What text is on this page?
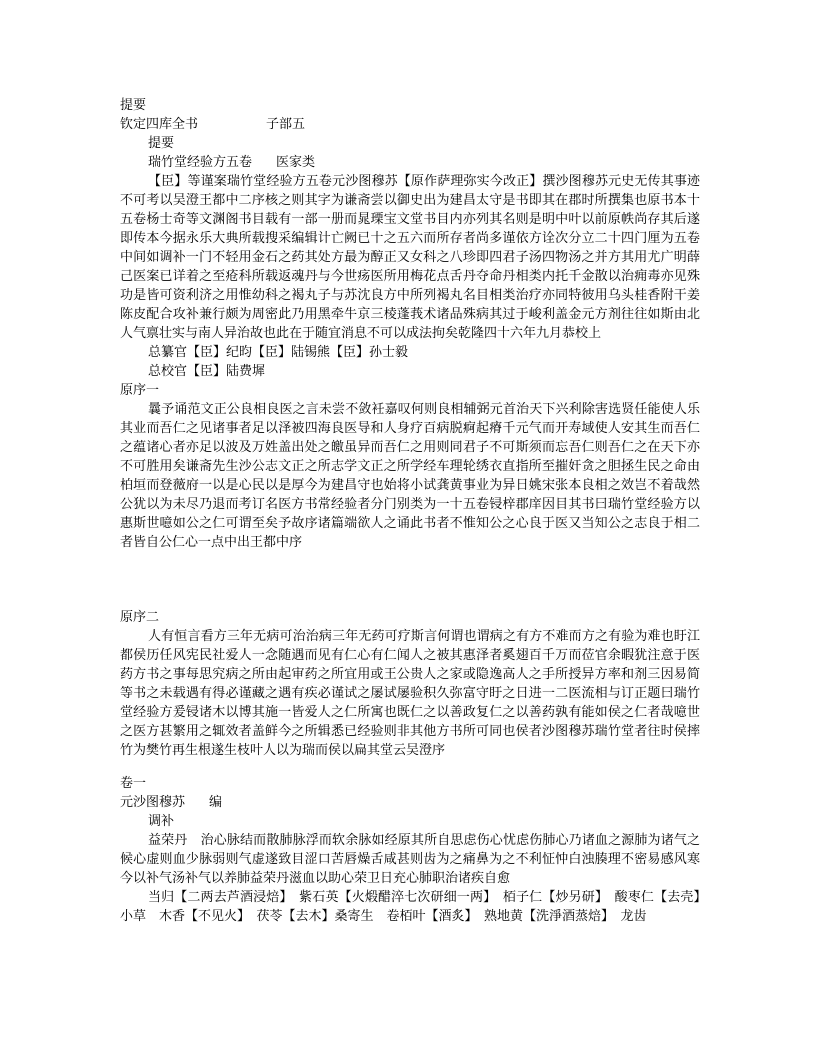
提要
钦定四库全书	子部五
提要
瑞竹堂经验方五卷 医家类
【臣】等谨案瑞竹堂经验方五卷元沙图穆苏【原作萨理弥实今改正】撰沙图穆苏元史无传其事迹不可考以吴澄王都中二序核之则其字为谦斋尝以御史出为建昌太守是书即其在郡时所撰集也原书本十五卷杨士奇等文渊阁书目载有一部一册而晁瑮宝文堂书目内亦列其名则是明中叶以前原帙尚存其后遂即传本今据永乐大典所载搜采编辑计亡阙已十之五六而所存者尚多谨依方诠次分立二十四门厘为五卷中间如调补一门不轻用金石之药其处方最为醇正又女科之八珍即四君子汤四物汤之并方其用尤广明薛己医案已详着之至疮科所载返魂丹与今世疡医所用梅花点舌丹夺命丹相类内托千金散以治痈毒亦见殊功是皆可资利济之用惟幼科之褐丸子与苏沈良方中所列褐丸名目相类治疗亦同特彼用乌头桂香附干姜陈皮配合攻补兼行颇为周密此乃用黑牵牛京三棱蓬莪术诸品殊病其过于峻利盖金元方剂往往如斯由北人气禀壮实与南人异治故也此在于随宜消息不可以成法拘矣乾隆四十六年九月恭校上
总纂官【臣】纪昀【臣】陆锡熊【臣】孙士毅
总校官【臣】陆费墀
原序一
曩予诵范文正公良相良医之言未尝不敛衽嘉叹何则良相辅弼元首治天下兴利除害选贤任能使人乐其业而吾仁之见诸事者足以泽被四海良医导和人身疗百病脱痾起瘠千元气而开寿域使人安其生而吾仁之蕴诸心者亦足以波及万姓盖出处之皦虽异而吾仁之用则同君子不可斯须而忘吾仁则吾仁之在天下亦不可胜用矣谦斋先生沙公志文正之所志学文正之所学经车理轮绣衣直指所至摧奸贪之胆拯生民之命由柏垣而登薇府一以是心民以是厚今为建昌守也始将小试龚黄事业为异日姚宋张本良相之效岂不着哉然公犹以为未尽乃退而考订名医方书常经验者分门别类为一十五卷锓梓郡庠因目其书曰瑞竹堂经验方以惠斯世噫如公之仁可谓至矣予故序诸篇端欲人之诵此书者不惟知公之心良于医又当知公之志良于相二者皆自公仁心一点中出王都中序
原序二
人有恒言看方三年无病可治治病三年无药可疗斯言何谓也谓病之有方不难而方之有验为难也盱江都侯历任风宪民社爱人一念随遇而见有仁心有仁闻人之被其惠泽者奚翅百千万而莅官余暇犹注意于医药方书之事每思究病之所由起审药之所宜用或王公贵人之家或隐逸高人之手所授异方率和剂三因易简等书之未载遇有得必谨藏之遇有疾必谨试之屡试屡验积久弥富守盱之日进一二医流相与订正题曰瑞竹堂经验方爰锓诸木以博其施一皆爱人之仁所寓也既仁之以善政复仁之以善药孰有能如侯之仁者哉噫世之医方甚繁用之辄效者盖鲜今之所辑悉已经验则非其他方书所可同也侯者沙图穆苏瑞竹堂者往时侯摔竹为樊竹再生根遂生枝叶人以为瑞而侯以扁其堂云吴澄序
卷一
元沙图穆苏 编
调补
益荣丹　治心脉结而散肺脉浮而软余脉如经原其所自思虑伤心忧虑伤肺心乃诸血之源肺为诸气之候心虚则血少脉弱则气虚遂致目涩口苦唇燥舌咸甚则齿为之痛鼻为之不利怔忡白浊腠理不密易感风寒今以补气汤补气以养肺益荣丹滋血以助心荣卫日充心肺职治诸疾自愈
当归【二两去芦酒浸焙】　紫石英【火煅醋淬七次研细一两】　栢子仁【炒另研】　酸枣仁【去壳】　小草　木香【不见火】　茯苓【去木】桑寄生　卷栢叶【酒炙】　熟地黄【洗淨酒蒸焙】　龙齿
